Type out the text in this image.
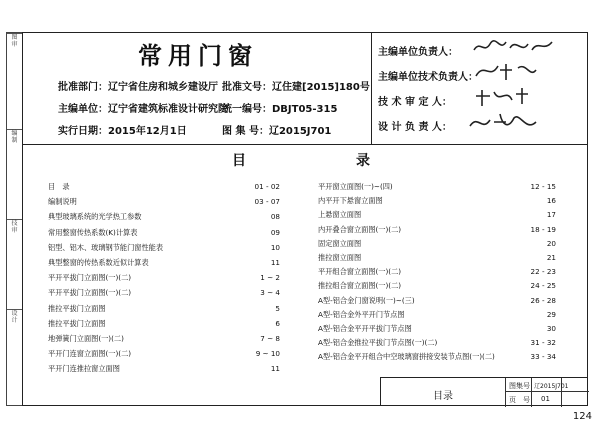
图
审
编
制
技
审
设
计
常用门窗
批准部门：辽宁省住房和城乡建设厅 批准文号：辽住建[2015]180号
主编单位：辽宁省建筑标准设计研究院
统一编号：DBJT05-315
实行日期：2015年12月1日	图 集 号：辽2015J701
主编单位负责人：
主编单位技术负责人：
技 术 审 定 人：
设 计 负 责 人：
目	录
目　录	01 - 02
编制说明	03 - 07
典型玻璃系统的光学热工参数	08
常用整窗传热系数(K)计算表	09
铝型、铝木、玻璃钢节能门窗性能表	10
典型整窗的传热系数近似计算表	11
平开平拔门立面图(一)(二)	1 ~ 2
平开平拔门立面图(一)(二)	3 ~ 4
推拉平拔门立面图	5
推拉平拔门立面图	6
地弹簧门立面图(一)(二)	7 ~ 8
平开门连窗立面图(一)(二)	9 ~ 10
平开门连推拉窗立面图	11
平开窗立面图(一)~(四)	12 - 15
内平开下悬窗立面图	16
上悬窗立面图	17
内开叠合窗立面图(一)(二)	18 - 19
固定窗立面图	20
推拉窗立面图	21
平开组合窗立面图(一)(二)	22 - 23
推拉组合窗立面图(一)(二)	24 - 25
A型-铝合金门窗说明(一)~(三)	26 - 28
A型-铝合金外平开门节点图	29
A型-铝合金平开平拔门节点图	30
A型-铝合金推拉平拔门节点图(一)(二)	31 - 32
A型-铝合金平开组合中空玻璃窗拼接安装节点图(一)(二)	33 - 34
目录
图集号 辽2015J701
页　号 01
124
